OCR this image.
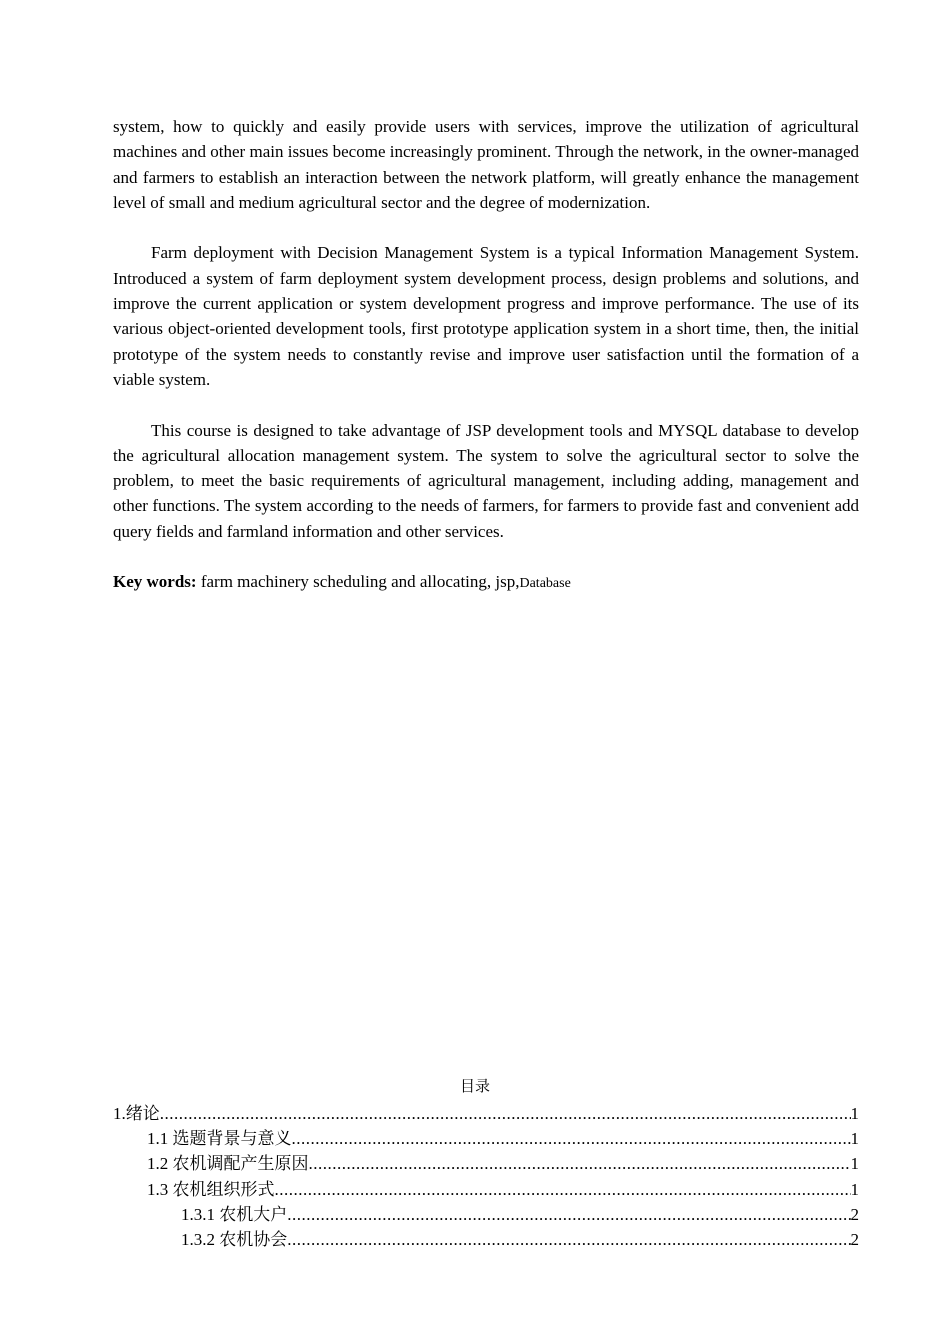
system, how to quickly and easily provide users with services, improve the utilization of agricultural machines and other main issues become increasingly prominent. Through the network, in the owner-managed and farmers to establish an interaction between the network platform, will greatly enhance the management level of small and medium agricultural sector and the degree of modernization.

Farm deployment with Decision Management System is a typical Information Management System. Introduced a system of farm deployment system development process, design problems and solutions, and improve the current application or system development progress and improve performance. The use of its various object-oriented development tools, first prototype application system in a short time, then, the initial prototype of the system needs to constantly revise and improve user satisfaction until the formation of a viable system.

This course is designed to take advantage of JSP development tools and MYSQL database to develop the agricultural allocation management system. The system to solve the agricultural sector to solve the problem, to meet the basic requirements of agricultural management, including adding, management and other functions. The system according to the needs of farmers, for farmers to provide fast and convenient add query fields and farmland information and other services.

Key words: farm machinery scheduling and allocating, jsp,Database

目录
1.绪论 .....	1
1.1 选题背景与意义 .....	1
1.2 农机调配产生原因 .....	1
1.3 农机组织形式 .....	1
1.3.1 农机大户 .....	2
1.3.2 农机协会 .....	2
